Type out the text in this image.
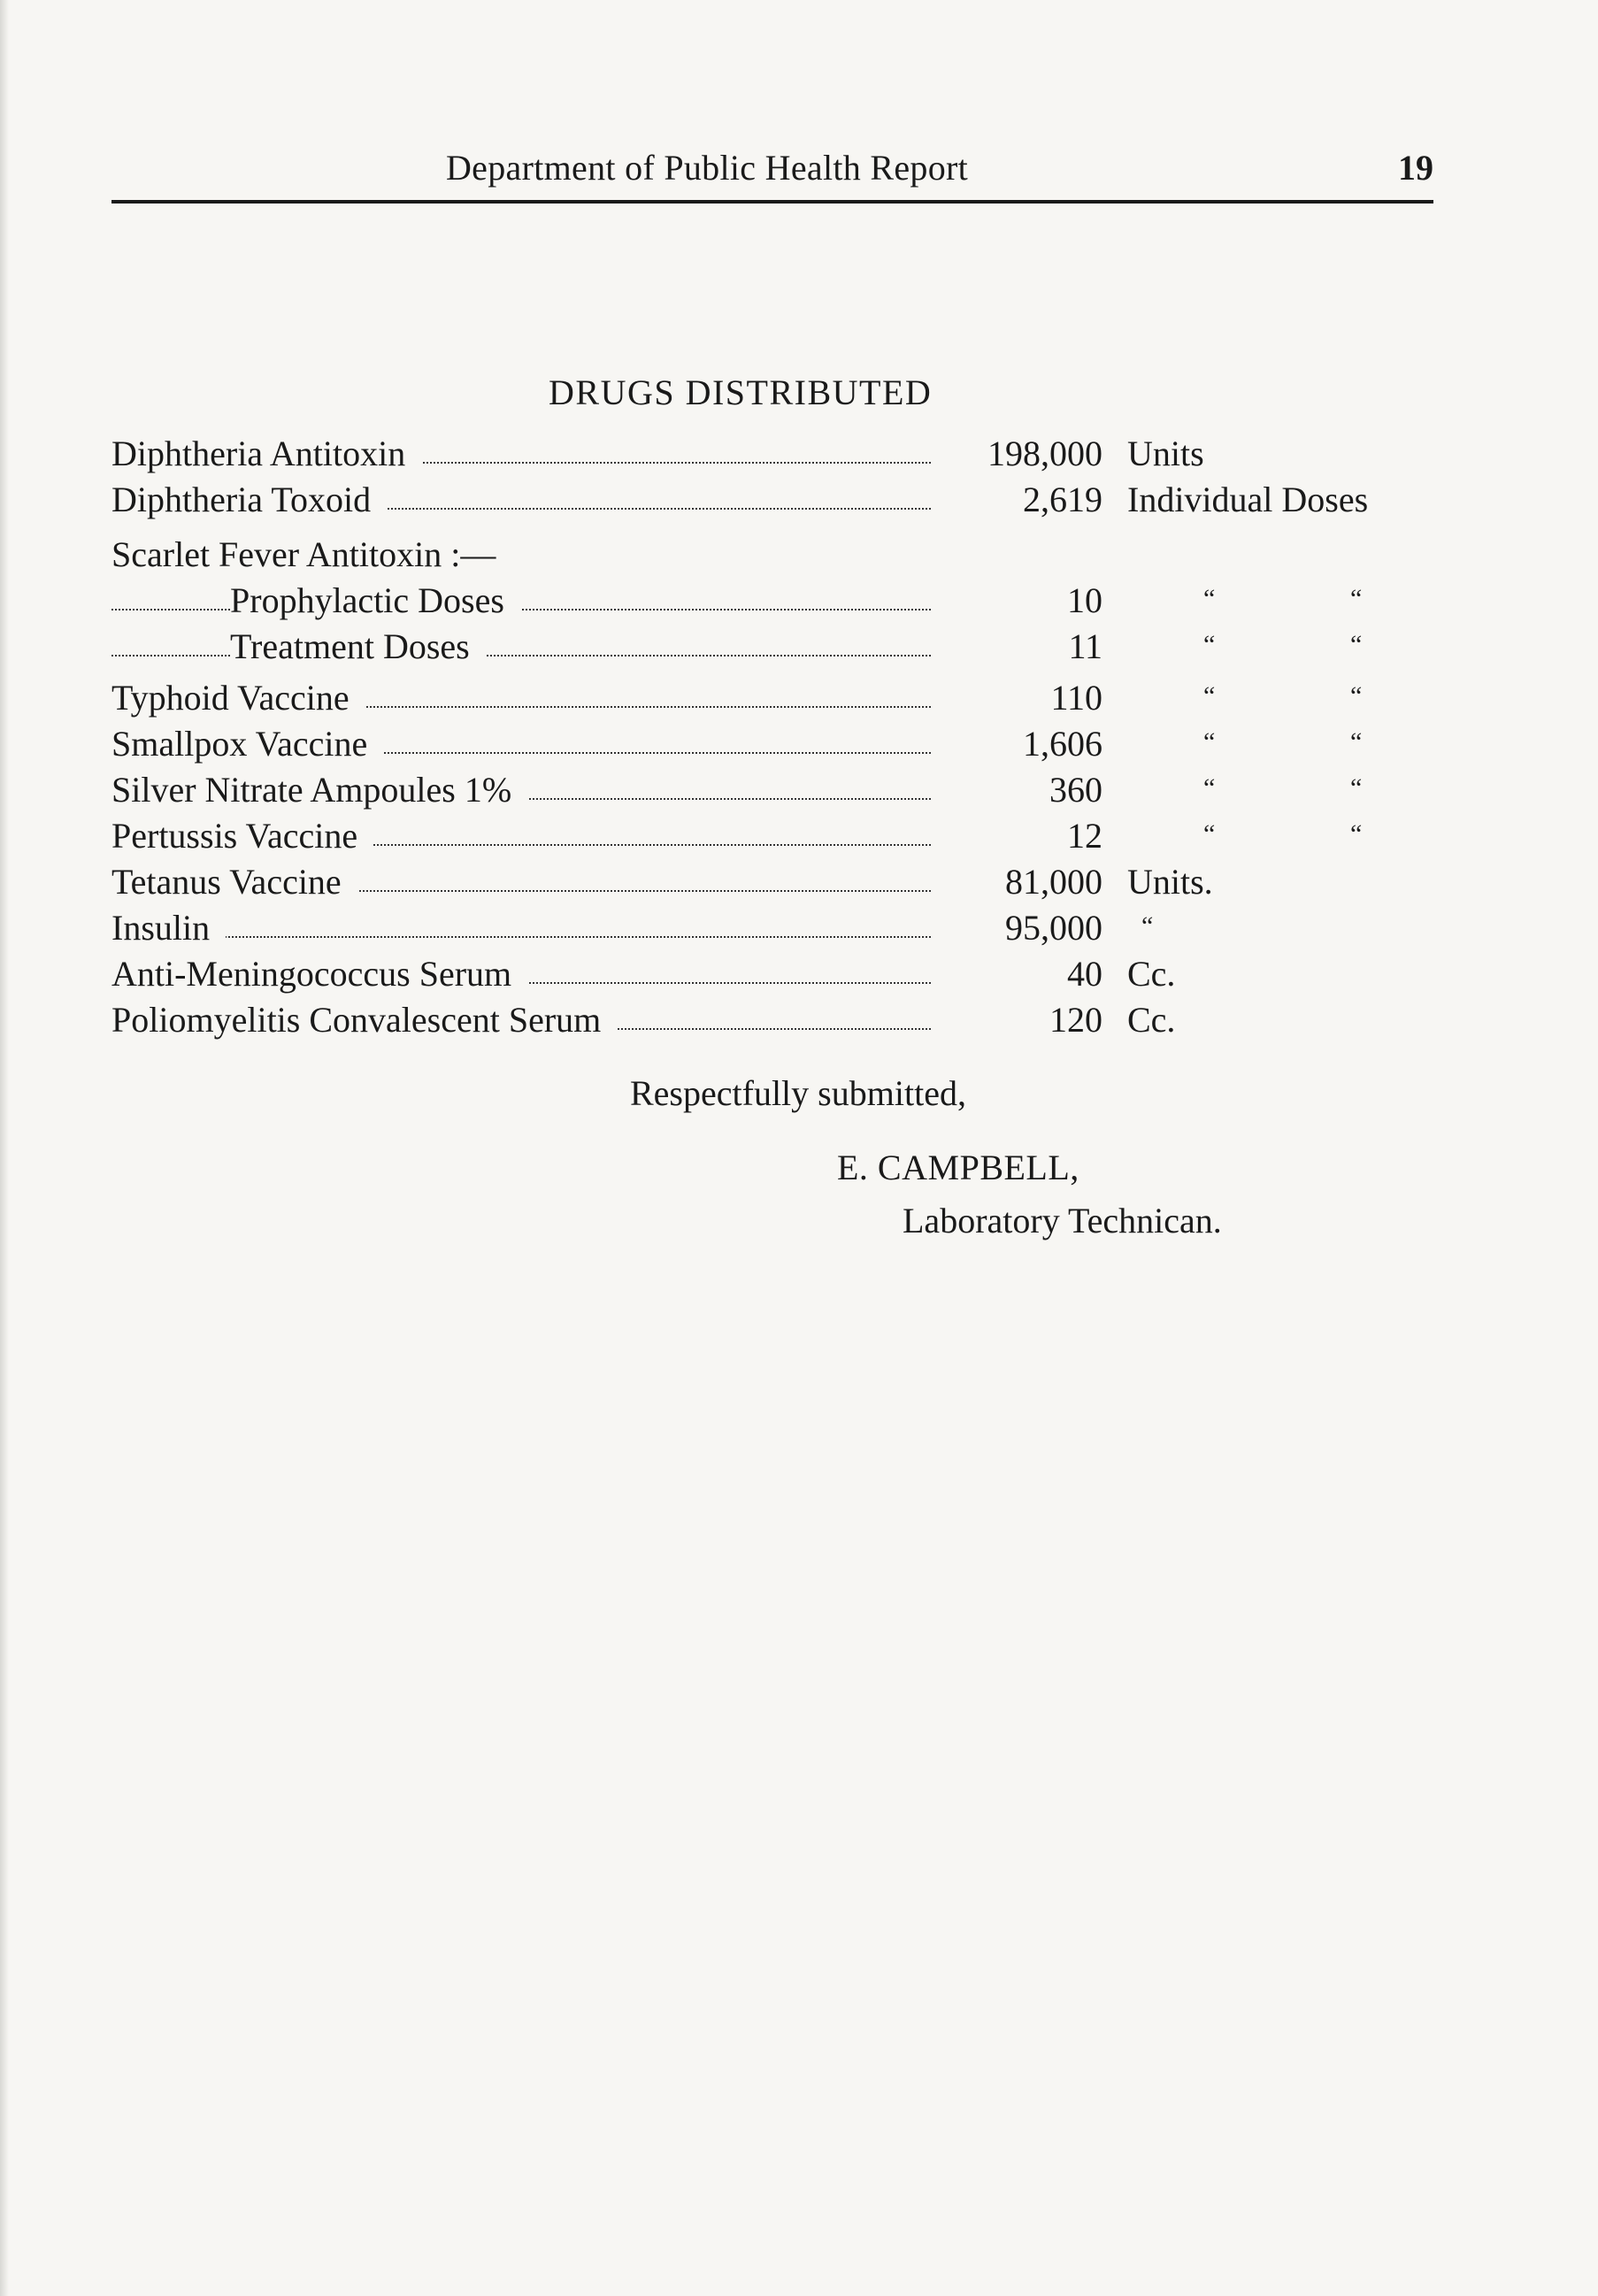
Department of Public Health Report	19
DRUGS DISTRIBUTED
Diphtheria Antitoxin	198,000 Units
Diphtheria Toxoid	2,619 Individual Doses
Scarlet Fever Antitoxin :—
Prophylactic Doses	10	“	“
Treatment Doses	11	“	“
Typhoid Vaccine	110	“	“
Smallpox Vaccine	1,606	“	“
Silver Nitrate Ampoules 1%	360	“	“
Pertussis Vaccine	12	“	“
Tetanus Vaccine	81,000 Units.
Insulin	95,000 “
Anti-Meningococcus Serum	40 Cc.
Poliomyelitis Convalescent Serum	120 Cc.
Respectfully submitted,
E. CAMPBELL,
Laboratory Technican.
